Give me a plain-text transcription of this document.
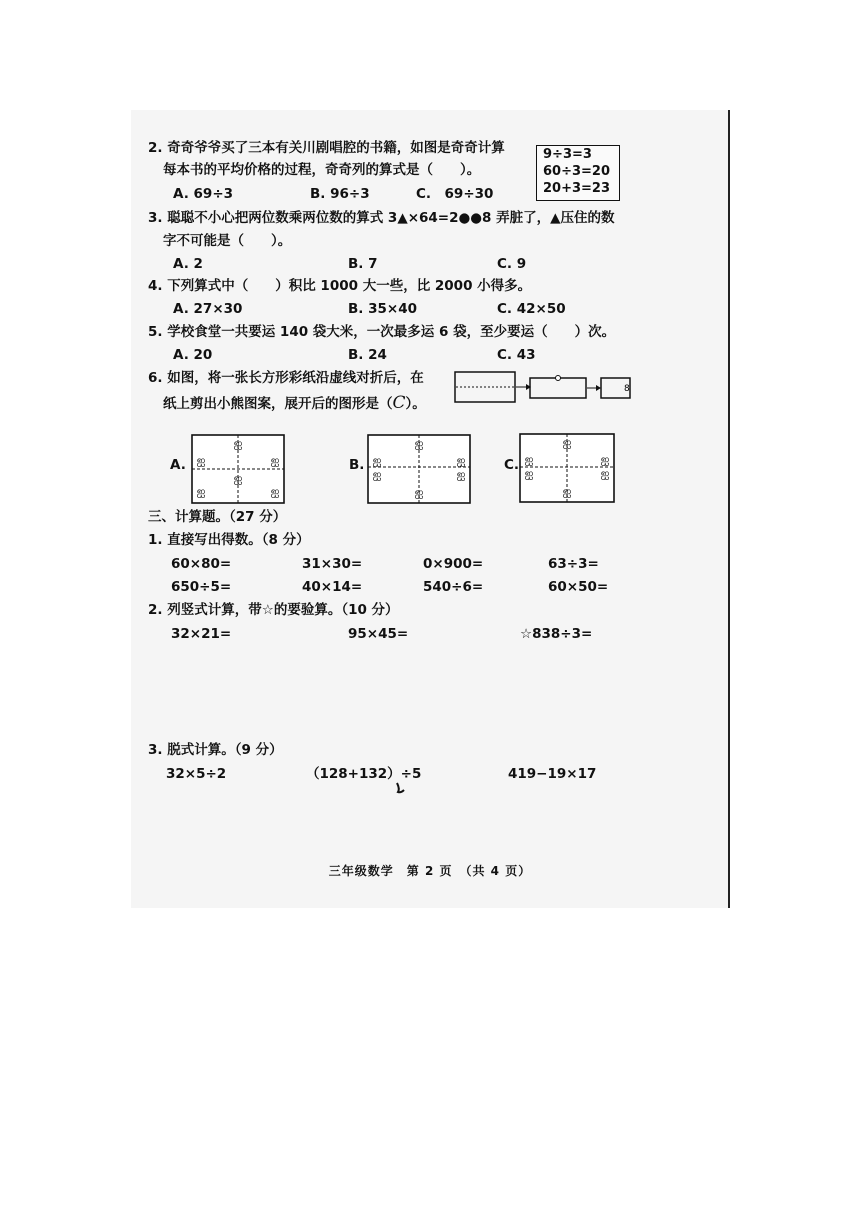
2. 奇奇爷爷买了三本有关川剧唱腔的书籍，如图是奇奇计算
每本书的平均价格的过程，奇奇列的算式是（　　）。
A. 69÷3	B. 96÷3	C.　69÷30
9÷3=3
60÷3=20
20+3=23
3. 聪聪不小心把两位数乘两位数的算式 3▲×64=2●●8 弄脏了，▲压住的数
字不可能是（　　）。
A. 2	B. 7	C. 9
4. 下列算式中（　　）积比 1000 大一些，比 2000 小得多。
A. 27×30	B. 35×40	C. 42×50
5. 学校食堂一共要运 140 袋大米，一次最多运 6 袋，至少要运（　　）次。
A. 20	B. 24	C. 43
6. 如图，将一张长方形彩纸沿虚线对折后，在
纸上剪出小熊图案，展开后的图形是（C）。
8
A.
ஐ
ஐ	ஐ
ஐ
ஐ	ஐ
B.
ஐ
ஐ	ஐ
ஐ	ஐ
ஐ
C.
ஐ
ஐ	ஐ
ஐ	ஐ
ஐ
三、计算题。（27 分）
1. 直接写出得数。（8 分）
60×80=	31×30=	0×900=	63÷3=
650÷5=	40×14=	540÷6=	60×50=
2. 列竖式计算，带☆的要验算。（10 分）
32×21=	95×45=	☆838÷3=
3. 脱式计算。（9 分）
32×5÷2	（128+132）÷5	419−19×17
三年级数学　第 2 页　（共 4 页）
